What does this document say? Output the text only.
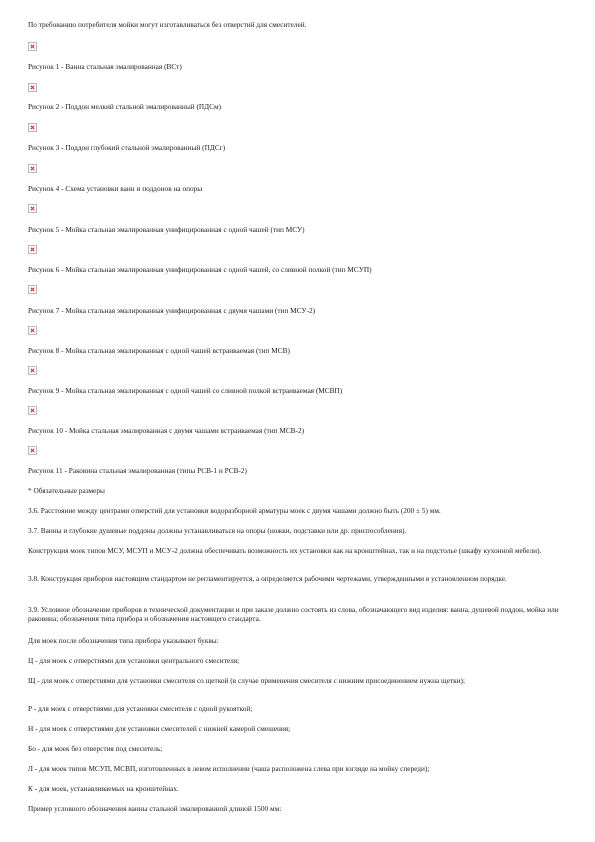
По требованию потребителя мойки могут изготавливаться без отверстий для смесителей.
Рисунок 1 - Ванна стальная эмалированная (ВСт)
Рисунок 2 - Поддон мелкий стальной эмалированный (ПДСм)
Рисунок 3 - Поддон глубокий стальной эмалированный (ПДСг)
Рисунок 4 - Схема установки ванн и поддонов на опоры
Рисунок 5 - Мойка стальная эмалированная унифицированная с одной чашей (тип МСУ)
Рисунок 6 - Мойка стальная эмалированная унифицированная с одной чашей, со сливной полкой (тип МСУП)
Рисунок 7 - Мойка стальная эмалированная унифицированная с двумя чашами (тип МСУ-2)
Рисунок 8 - Мойка стальная эмалированная с одной чашей встраиваемая (тип МСВ)
Рисунок 9 - Мойка стальная эмалированная с одной чашей со сливной полкой встраиваемая (МСВП)
Рисунок 10 - Мойка стальная эмалированная с двумя чашами встраиваемая (тип МСВ-2)
Рисунок 11 - Раковина стальная эмалированная (типы РСВ-1 и РСВ-2)
* Обязательные размеры
3.6. Расстояние между центрами отверстий для установки водоразборной арматуры моек с двумя чашами должно быть (200 ± 5) мм.
3.7. Ванны и глубокие душевые поддоны должны устанавливаться на опоры (ножки, подставки или др. приспособления).
Конструкция моек типов МСУ, МСУП и МСУ-2 должна обеспечивать возможность их установки как на кронштейнах, так и на подстолье (шкафу кухонной мебели).
3.8. Конструкция приборов настоящим стандартом не регламентируется, а определяется рабочими чертежами, утвержденными в установленном порядке.
3.9. Условное обозначение приборов в технической документации и при заказе должно состоять из слова, обозначающего вид изделия: ванна, душевой поддон, мойка или раковина; обозначения типа прибора и обозначения настоящего стандарта.
Для моек после обозначения типа прибора указывают буквы:
Ц - для моек с отверстиями для установки центрального смесителя;
Щ - для моек с отверстиями для установки смесителя со щеткой (в случае применения смесителя с нижним присоединением нужна щетки);
Р - для моек с отверстиями для установки смесителя с одной рукояткой;
Н - для моек с отверстиями для установки смесителей с нижней камерой смешения;
Бо - для моек без отверстия под смеситель;
Л - для моек типов МСУП, МСВП, изготовленных в левом исполнении (чаша расположена слева при взгляде на мойку спереди);
К - для моек, устанавливаемых на кронштейнах.
Пример условного обозначения ванны стальной эмалированной длиной 1500 мм:
